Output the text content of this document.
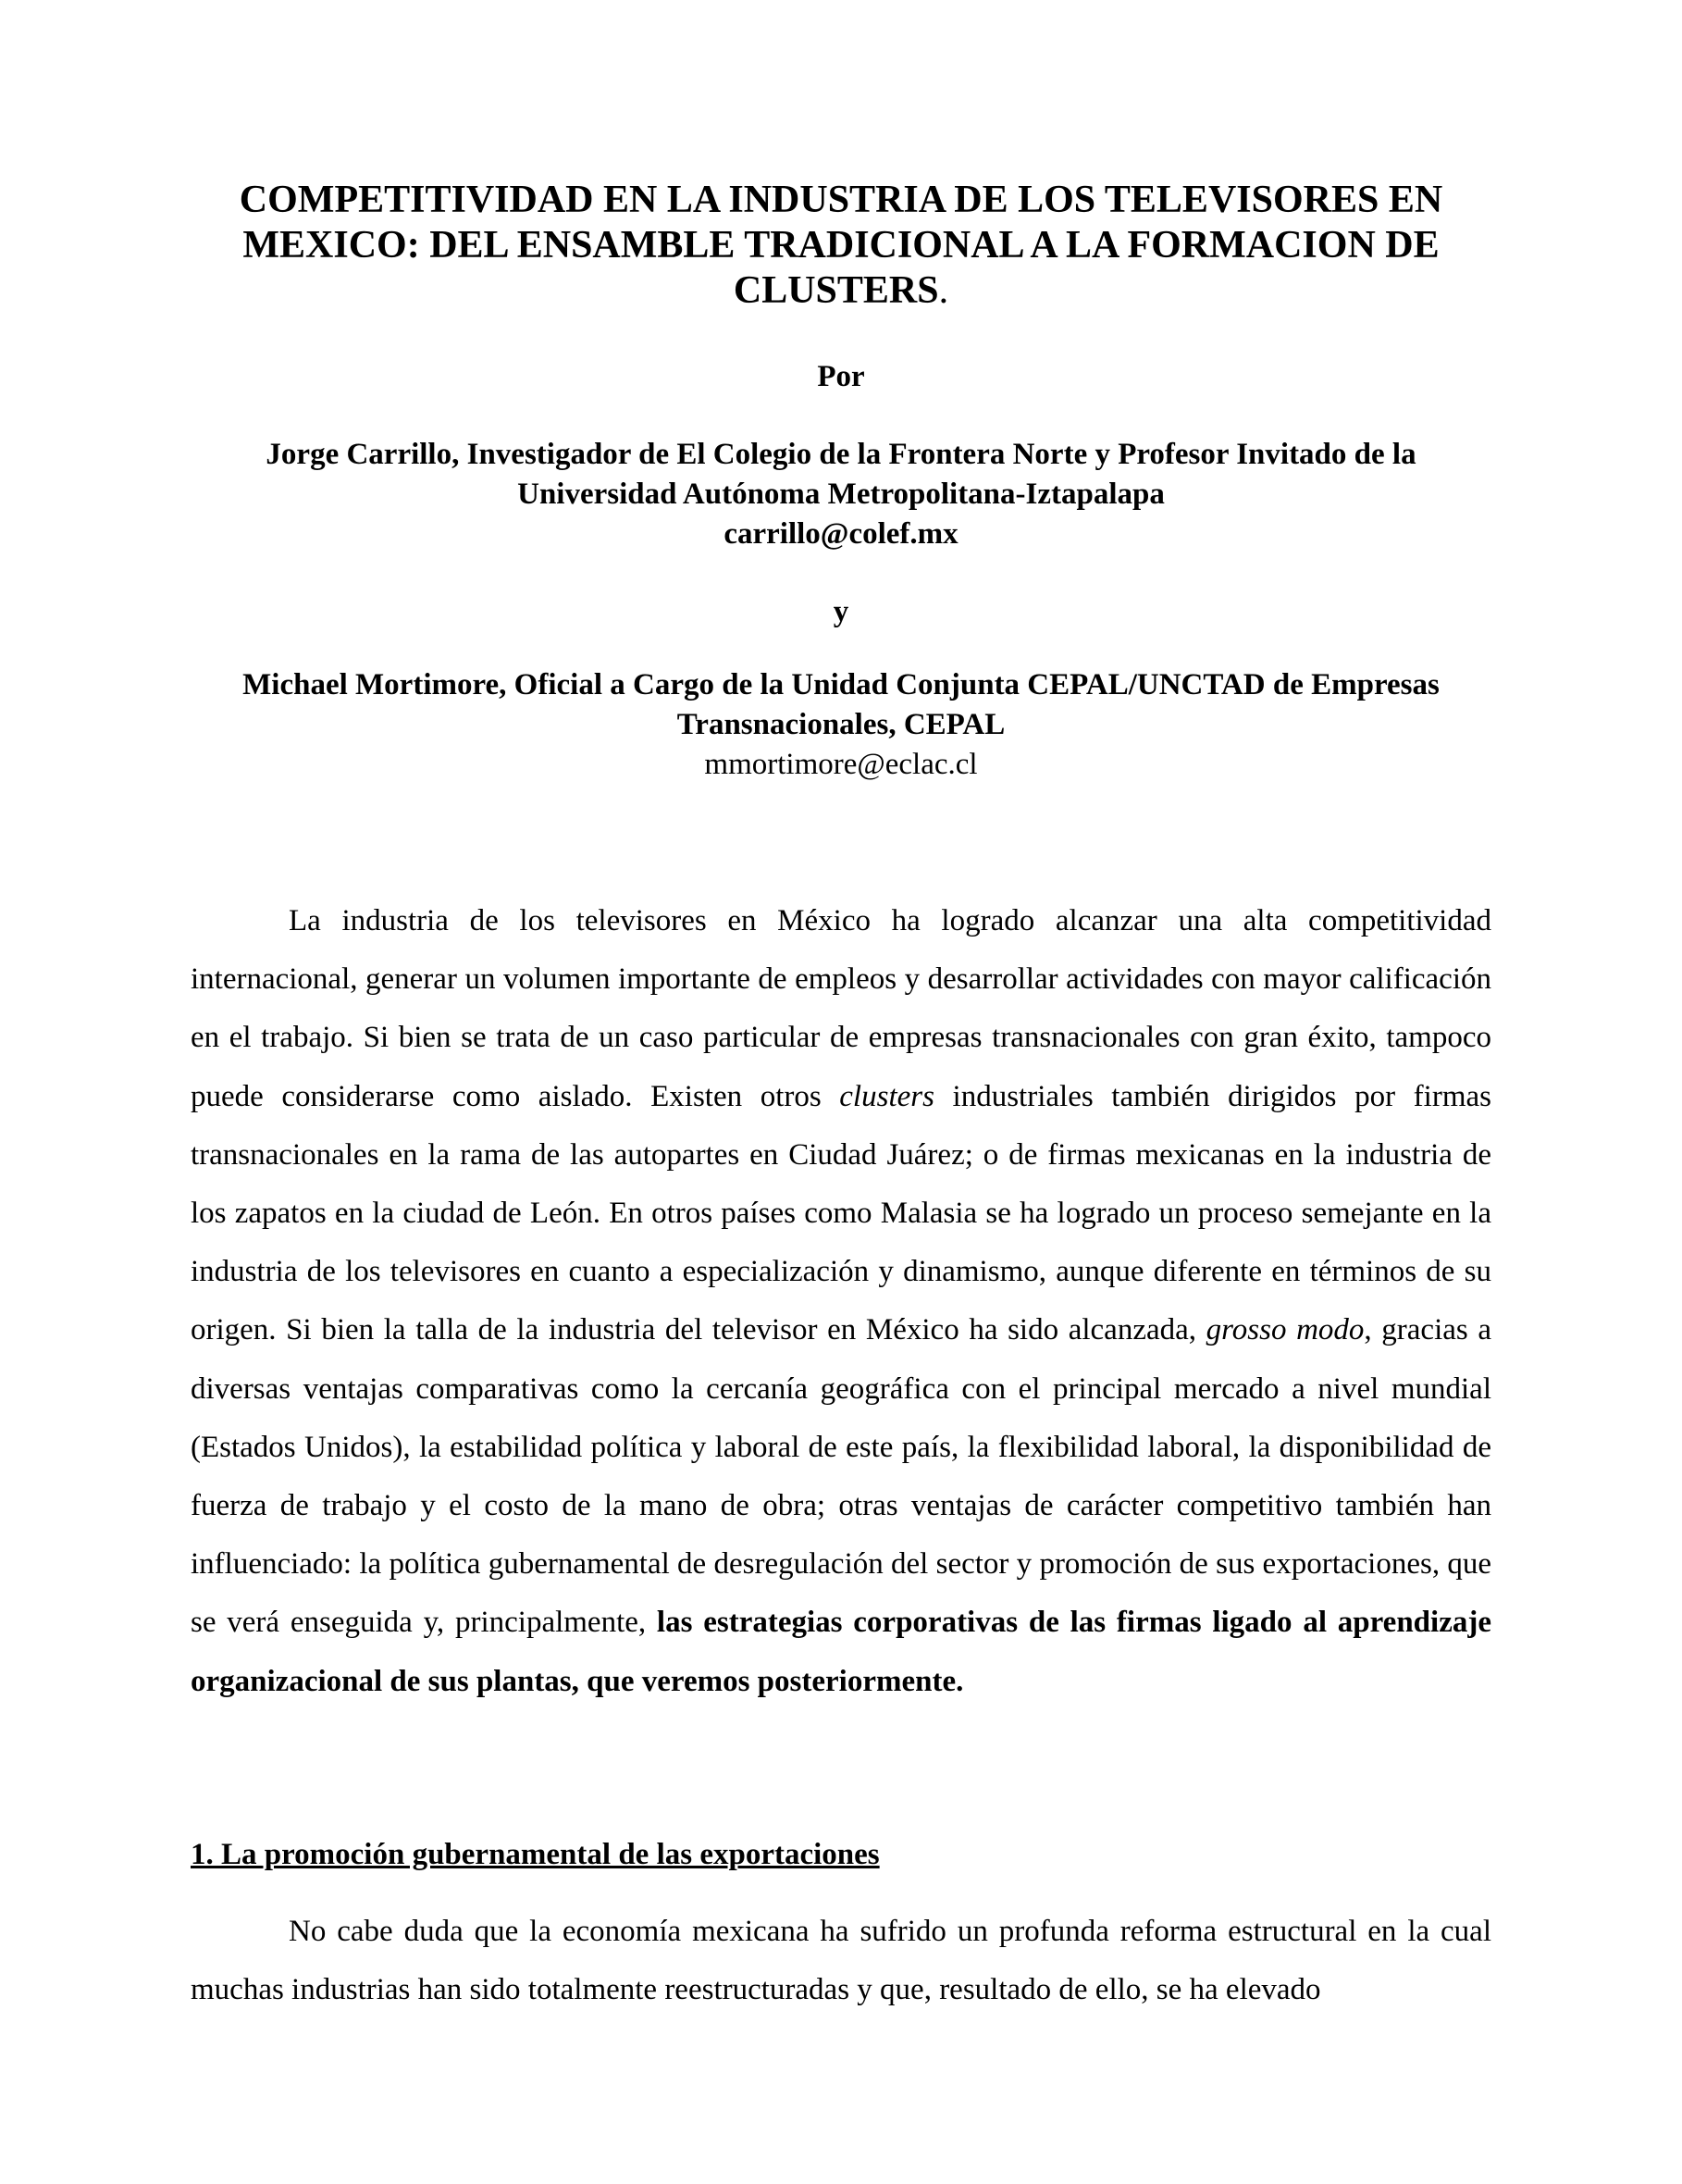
COMPETITIVIDAD EN LA INDUSTRIA DE LOS TELEVISORES EN MEXICO: DEL ENSAMBLE TRADICIONAL A LA FORMACION DE CLUSTERS.

Por

Jorge Carrillo, Investigador de El Colegio de la Frontera Norte y Profesor Invitado de la
Universidad Autónoma Metropolitana-Iztapalapa
carrillo@colef.mx

y

Michael Mortimore, Oficial a Cargo de la Unidad Conjunta CEPAL/UNCTAD de Empresas
Transnacionales, CEPAL
mmortimore@eclac.cl

La industria de los televisores en México ha logrado alcanzar una alta competitividad internacional, generar un volumen importante de empleos y desarrollar actividades con mayor calificación en el trabajo. Si bien se trata de un caso particular de empresas transnacionales con gran éxito, tampoco puede considerarse como aislado. Existen otros clusters industriales también dirigidos por firmas transnacionales en la rama de las autopartes en Ciudad Juárez; o de firmas mexicanas en la industria de los zapatos en la ciudad de León. En otros países como Malasia se ha logrado un proceso semejante en la industria de los televisores en cuanto a especialización y dinamismo, aunque diferente en términos de su origen. Si bien la talla de la industria del televisor en México ha sido alcanzada, grosso modo, gracias a diversas ventajas comparativas como la cercanía geográfica con el principal mercado a nivel mundial (Estados Unidos), la estabilidad política y laboral de este país, la flexibilidad laboral, la disponibilidad de fuerza de trabajo y el costo de la mano de obra; otras ventajas de carácter competitivo también han influenciado: la política gubernamental de desregulación del sector y promoción de sus exportaciones, que se verá enseguida y, principalmente, las estrategias corporativas de las firmas ligado al aprendizaje organizacional de sus plantas, que veremos posteriormente.

1. La promoción gubernamental de las exportaciones

No cabe duda que la economía mexicana ha sufrido un profunda reforma estructural en la cual muchas industrias han sido totalmente reestructuradas y que, resultado de ello, se ha elevado
